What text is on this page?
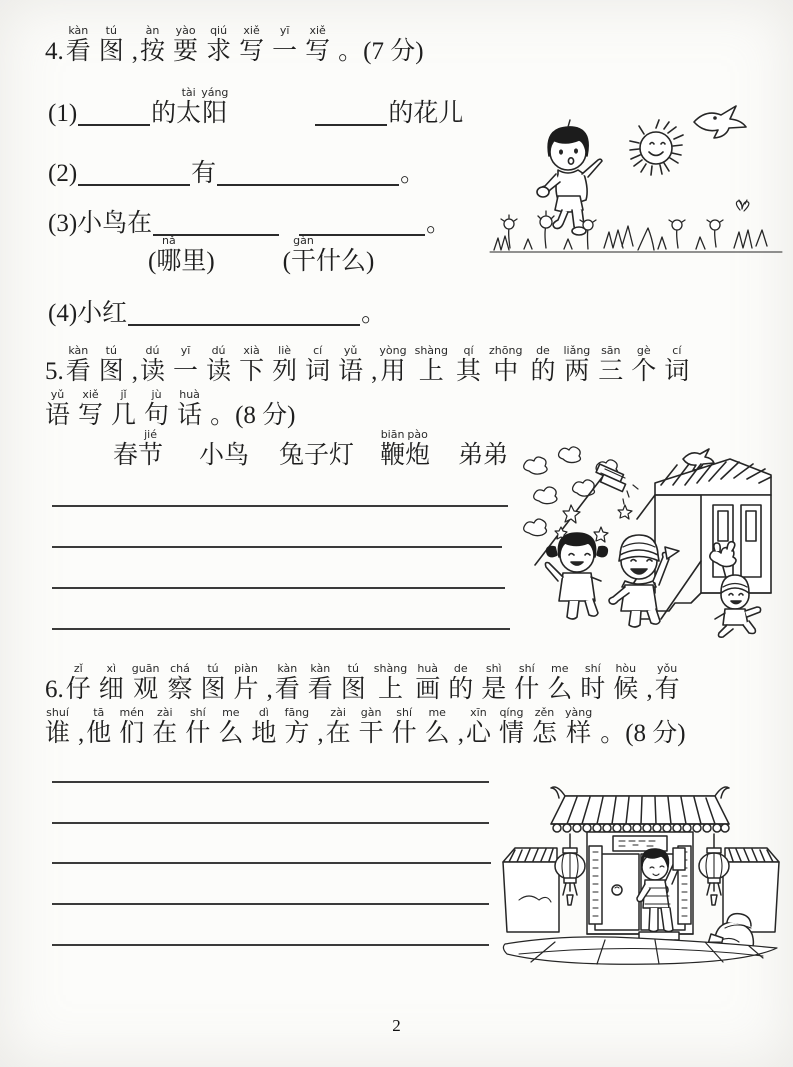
4.
kàn
看
tú
图 ,
àn
按
yào
要
qiú
求
xiě
写
yī
一
xiě
写 。(7 分)
(1)	的
tài
太
yáng
阳	的花儿
(2)	有	。
(3)小鸟在	。
(
nǎ
哪 里)	(
gàn
干 什么)
(4)小红	。
5.
kàn
看
tú
图 ,
dú
读
yī
一
dú
读
xià
下
liè
列
cí
词
yǔ
语 ,
yòng
用
shàng
上
qí
其
zhōng
中
de
的
liǎng
两
sān
三
gè
个
cí
词
yǔ
语
xiě
写
jǐ
几
jù
句
huà
话 。(8 分)
春
jié
节 小鸟 兔子灯
biān
鞭
pào
炮 弟弟
6.
zǐ
仔
xì
细
guān
观
chá
察
tú
图
piàn
片 ,
kàn
看
kàn
看
tú
图
shàng
上
huà
画
de
的
shì
是
shí
什
me
么
shí
时
hòu
候 ,
yǒu
有
shuí
谁 ,
tā
他
mén
们
zài
在
shí
什
me
么
dì
地
fāng
方 ,
zài
在
gàn
干
shí
什
me
么 ,
xīn
心
qíng
情
zěn
怎
yàng
样 。(8 分)
2
